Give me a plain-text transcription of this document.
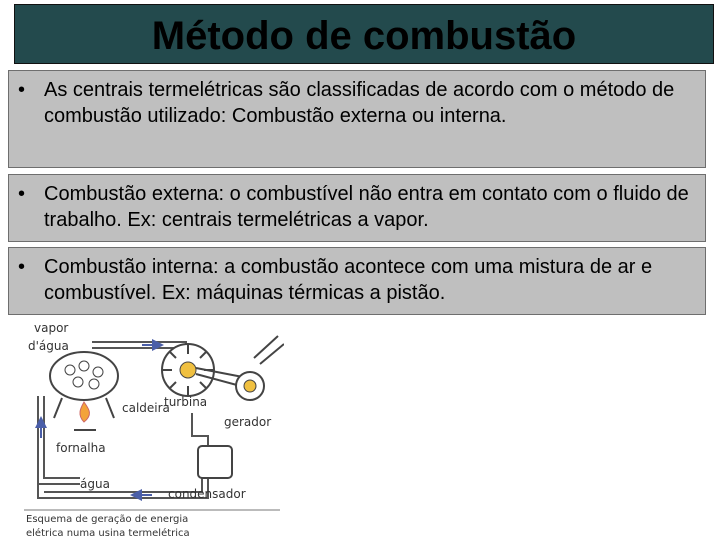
Método de combustão
• As centrais termelétricas são classificadas de acordo com o método de combustão utilizado: Combustão externa ou interna.
• Combustão externa: o combustível não entra em contato com o fluido de trabalho. Ex: centrais termelétricas a vapor.
• Combustão interna: a combustão acontece com uma mistura de ar e combustível. Ex: máquinas térmicas a pistão.
vapor
d'água
caldeira
turbina
gerador
fornalha
água
condensador
Esquema de geração de energia
elétrica numa usina termelétrica
